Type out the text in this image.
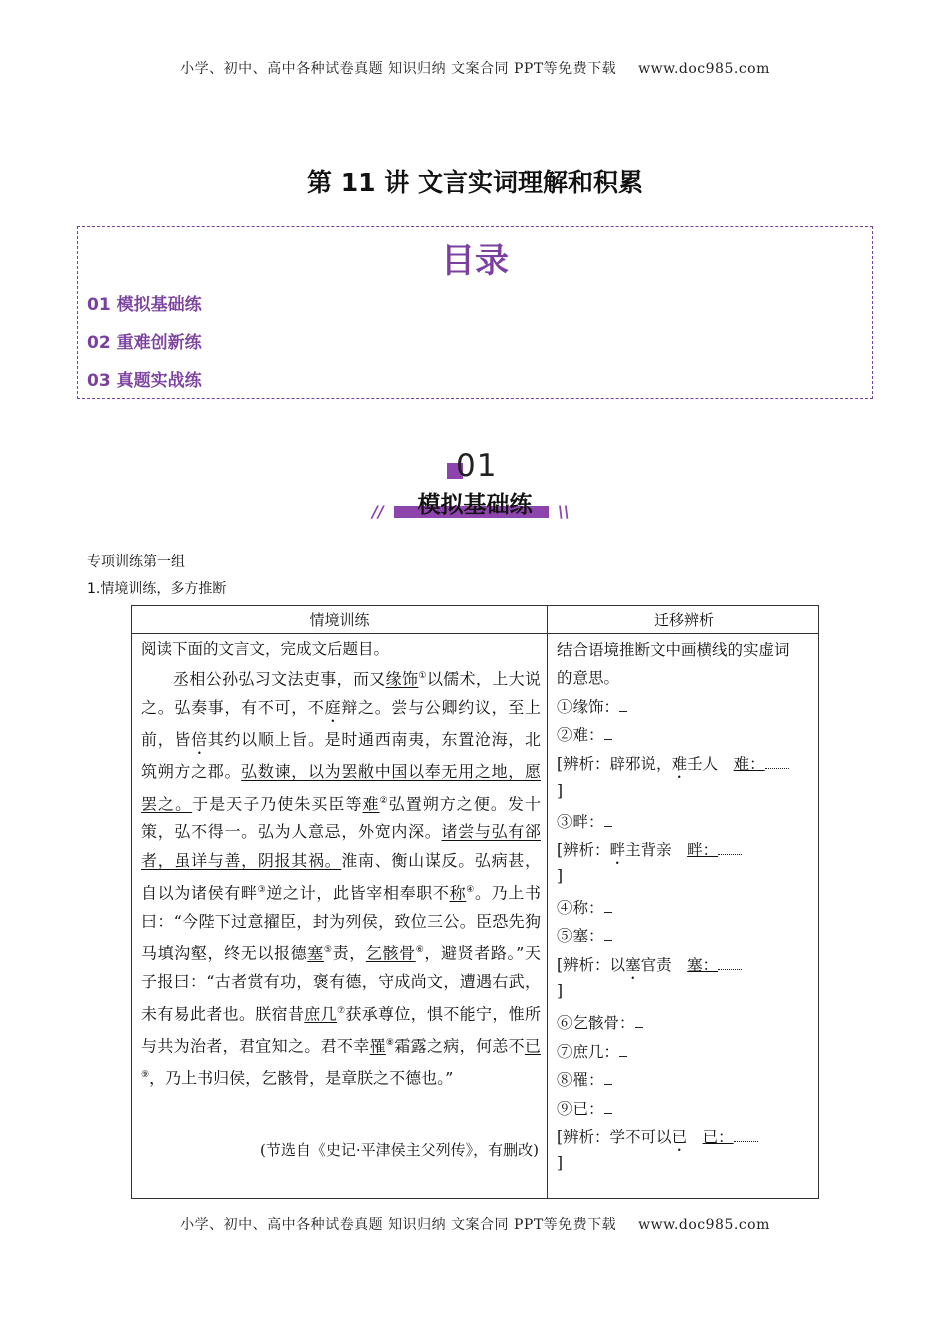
小学、初中、高中各种试卷真题 知识归纳 文案合同 PPT等免费下载 www.doc985.com
第 11 讲 文言实词理解和积累
目录
01 模拟基础练
02 重难创新练
03 真题实战练
01
模拟基础练
//	\\
专项训练第一组
1.情境训练，多方推断
情境训练	迁移辨析
阅读下面的文言文，完成文后题目。
丞相公孙弘习文法吏事，而又缘饰①以儒术，上大说之。弘奏事，有不可，不庭辩之。尝与公卿约议，至上前，皆倍其约以顺上旨。是时通西南夷，东置沧海，北筑朔方之郡。弘数谏，以为罢敝中国以奉无用之地，愿罢之。于是天子乃使朱买臣等难②弘置朔方之便。发十策，弘不得一。弘为人意忌，外宽内深。诸尝与弘有郤者，虽详与善，阴报其祸。淮南、衡山谋反。弘病甚，自以为诸侯有畔③逆之计，此皆宰相奉职不称④。乃上书曰：“今陛下过意擢臣，封为列侯，致位三公。臣恐先狗马填沟壑，终无以报德塞⑤责，乞骸骨⑥，避贤者路。”天子报曰：“古者赏有功，褒有德，守成尚文，遭遇右武，未有易此者也。朕宿昔庶几⑦获承尊位，惧不能宁，惟所与共为治者，君宜知之。君不幸罹⑧霜露之病，何恙不已⑨，乃上书归侯，乞骸骨，是章朕之不德也。”
(节选自《史记·平津侯主父列传》，有删改)
结合语境推断文中画横线的实虚词
的意思。
①缘饰：
②难：
[辨析：辟邪说，难壬人　 难：
]
③畔：
[辨析：畔主背亲　 畔：
]
④称：
⑤塞：
[辨析：以塞官责　 塞：
]
⑥乞骸骨：
⑦庶几：
⑧罹：
⑨已：
[辨析：学不可以已　 已：
]
小学、初中、高中各种试卷真题 知识归纳 文案合同 PPT等免费下载 www.doc985.com
